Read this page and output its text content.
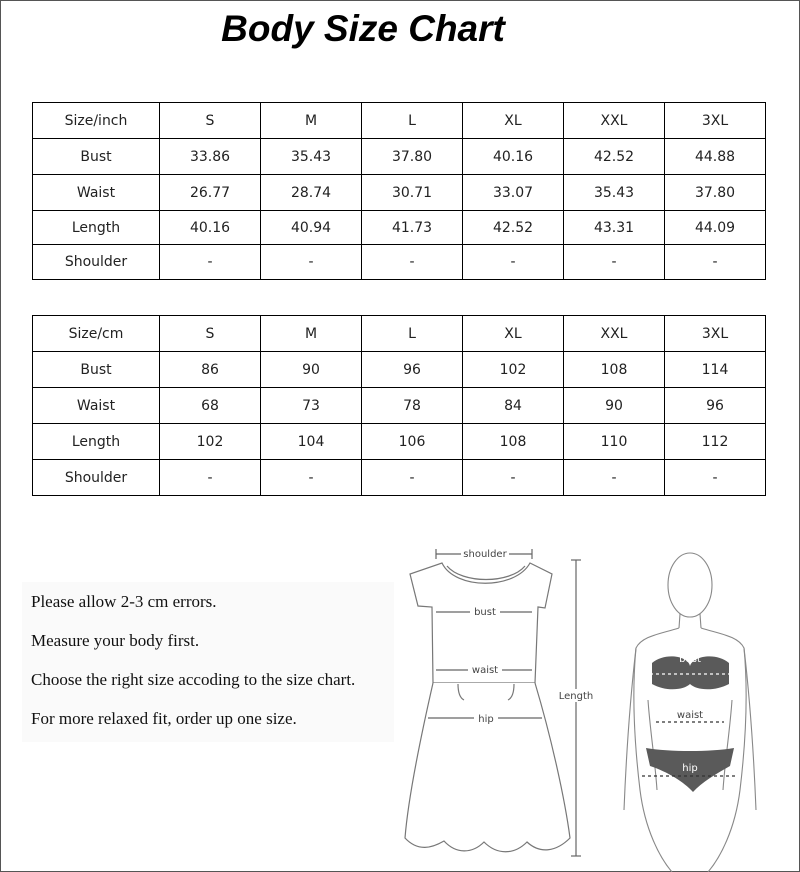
Body Size Chart
Size/inch	S	M	L	XL	XXL	3XL
Bust	33.86	35.43	37.80	40.16	42.52	44.88
Waist	26.77	28.74	30.71	33.07	35.43	37.80
Length	40.16	40.94	41.73	42.52	43.31	44.09
Shoulder	-	-	-	-	-	-
Size/cm	S	M	L	XL	XXL	3XL
Bust	86	90	96	102	108	114
Waist	68	73	78	84	90	96
Length	102	104	106	108	110	112
Shoulder	-	-	-	-	-	-
Please allow 2-3 cm errors.
Measure your body first.
Choose the right size accoding to the size chart.
For more relaxed fit, order up one size.
shoulder
bust
waist
hip
Length
bust
waist
hip
